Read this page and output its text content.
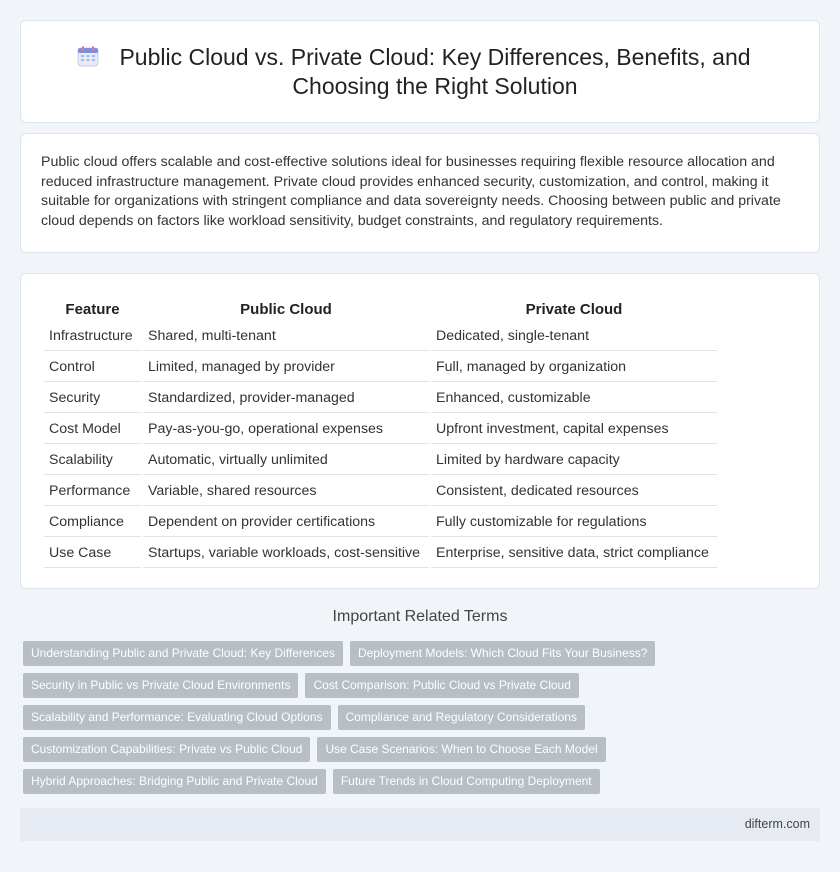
Public Cloud vs. Private Cloud: Key Differences, Benefits, and Choosing the Right Solution

Public cloud offers scalable and cost-effective solutions ideal for businesses requiring flexible resource allocation and reduced infrastructure management. Private cloud provides enhanced security, customization, and control, making it suitable for organizations with stringent compliance and data sovereignty needs. Choosing between public and private cloud depends on factors like workload sensitivity, budget constraints, and regulatory requirements.

Feature	Public Cloud	Private Cloud
Infrastructure	Shared, multi-tenant	Dedicated, single-tenant
Control	Limited, managed by provider	Full, managed by organization
Security	Standardized, provider-managed	Enhanced, customizable
Cost Model	Pay-as-you-go, operational expenses	Upfront investment, capital expenses
Scalability	Automatic, virtually unlimited	Limited by hardware capacity
Performance	Variable, shared resources	Consistent, dedicated resources
Compliance	Dependent on provider certifications	Fully customizable for regulations
Use Case	Startups, variable workloads, cost-sensitive	Enterprise, sensitive data, strict compliance
Important Related Terms
Understanding Public and Private Cloud: Key Differences	Deployment Models: Which Cloud Fits Your Business?
Security in Public vs Private Cloud Environments	Cost Comparison: Public Cloud vs Private Cloud
Scalability and Performance: Evaluating Cloud Options	Compliance and Regulatory Considerations
Customization Capabilities: Private vs Public Cloud	Use Case Scenarios: When to Choose Each Model
Hybrid Approaches: Bridging Public and Private Cloud	Future Trends in Cloud Computing Deployment
difterm.com
